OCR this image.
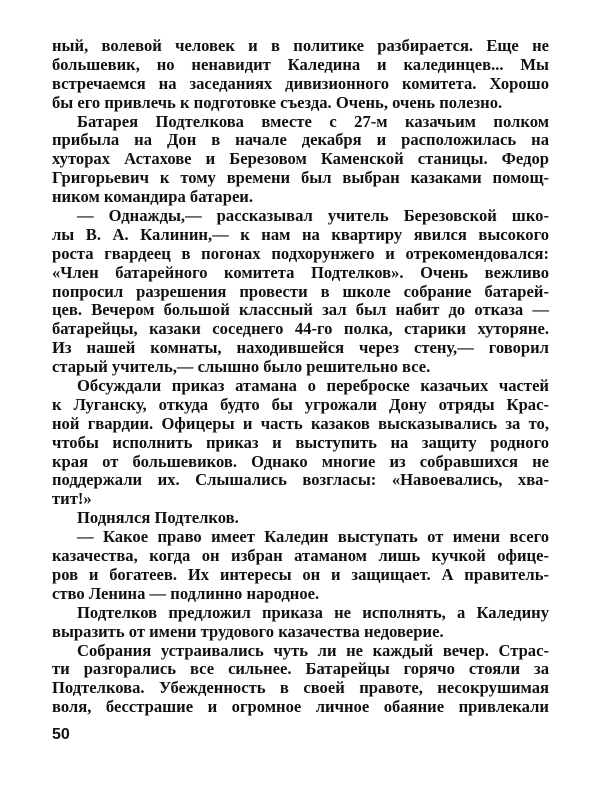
ный, волевой человек и в политике разбирается. Еще не
большевик, но ненавидит Каледина и калединцев... Мы
встречаемся на заседаниях дивизионного комитета. Хорошо
бы его привлечь к подготовке съезда. Очень, очень полезно.
Батарея Подтелкова вместе с 27-м казачьим полком
прибыла на Дон в начале декабря и расположилась на
хуторах Астахове и Березовом Каменской станицы. Федор
Григорьевич к тому времени был выбран казаками помощ-
ником командира батареи.
— Однажды,— рассказывал учитель Березовской шко-
лы В. А. Калинин,— к нам на квартиру явился высокого
роста гвардеец в погонах подхорунжего и отрекомендовался:
«Член батарейного комитета Подтелков». Очень вежливо
попросил разрешения провести в школе собрание батарей-
цев. Вечером большой классный зал был набит до отказа —
батарейцы, казаки соседнего 44-го полка, старики хуторяне.
Из нашей комнаты, находившейся через стену,— говорил
старый учитель,— слышно было решительно все.
Обсуждали приказ атамана о переброске казачьих частей
к Луганску, откуда будто бы угрожали Дону отряды Крас-
ной гвардии. Офицеры и часть казаков высказывались за то,
чтобы исполнить приказ и выступить на защиту родного
края от большевиков. Однако многие из собравшихся не
поддержали их. Слышались возгласы: «Навоевались, хва-
тит!»
Поднялся Подтелков.
— Какое право имеет Каледин выступать от имени всего
казачества, когда он избран атаманом лишь кучкой офице-
ров и богатеев. Их интересы он и защищает. А правитель-
ство Ленина — подлинно народное.
Подтелков предложил приказа не исполнять, а Каледину
выразить от имени трудового казачества недоверие.
Собрания устраивались чуть ли не каждый вечер. Страс-
ти разгорались все сильнее. Батарейцы горячо стояли за
Подтелкова. Убежденность в своей правоте, несокрушимая
воля, бесстрашие и огромное личное обаяние привлекали
50
